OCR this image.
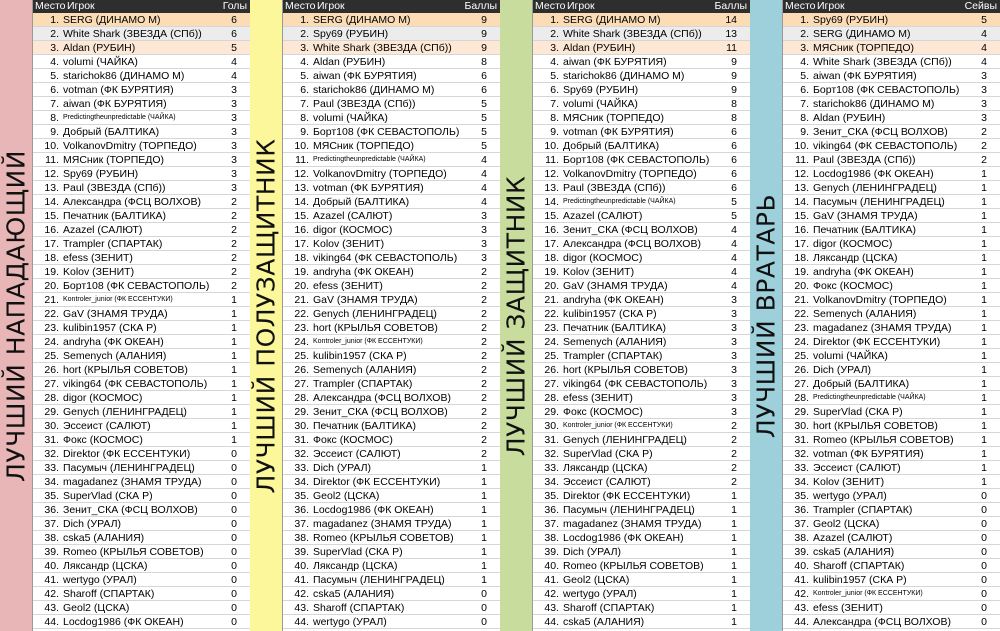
ЛУЧШИЙ НАПАДАЮЩИЙ
Место Игрок	Голы
1. SERG (ДИНАМО М)	6
2. White Shark (ЗВЕЗДА (СПб))	6
3. Aldan (РУБИН)	5
4. volumi (ЧАЙКА)	4
5. starichok86 (ДИНАМО М)	4
6. votman (ФК БУРЯТИЯ)	3
7. aiwan (ФК БУРЯТИЯ)	3
8. Predictingtheunpredictable (ЧАЙКА)	3
9. Добрый (БАЛТИКА)	3
10. VolkanovDmitry (ТОРПЕДО)	3
11. МЯСник (ТОРПЕДО)	3
12. Spy69 (РУБИН)	3
13. Paul (ЗВЕЗДА (СПб))	3
14. Александра (ФСЦ ВОЛХОВ)	2
15. Печатник (БАЛТИКА)	2
16. Azazel (САЛЮТ)	2
17. Trampler (СПАРТАК)	2
18. efess (ЗЕНИТ)	2
19. Kolov (ЗЕНИТ)	2
20. Борт108 (ФК СЕВАСТОПОЛЬ)	2
21. Kontroler_junior (ФК ЕССЕНТУКИ)	1
22. GaV (ЗНАМЯ ТРУДА)	1
23. kulibin1957 (СКА Р)	1
24. andryha (ФК ОКЕАН)	1
25. Semenych (АЛАНИЯ)	1
26. hort (КРЫЛЬЯ СОВЕТОВ)	1
27. viking64 (ФК СЕВАСТОПОЛЬ)	1
28. digor (КОСМОС)	1
29. Genych (ЛЕНИНГРАДЕЦ)	1
30. Эссеист (САЛЮТ)	1
31. Фокс (КОСМОС)	1
32. Direktor (ФК ЕССЕНТУКИ)	0
33. Пасумыч (ЛЕНИНГРАДЕЦ)	0
34. magadanez (ЗНАМЯ ТРУДА)	0
35. SuperVlad (СКА Р)	0
36. Зенит_СКА (ФСЦ ВОЛХОВ)	0
37. Dich (УРАЛ)	0
38. cska5 (АЛАНИЯ)	0
39. Romeo (КРЫЛЬЯ СОВЕТОВ)	0
40. Ляксандр (ЦСКА)	0
41. wertygo (УРАЛ)	0
42. Sharoff (СПАРТАК)	0
43. Geol2 (ЦСКА)	0
44. Locdog1986 (ФК ОКЕАН)	0
ЛУЧШИЙ ПОЛУЗАЩИТНИК
Место Игрок	Баллы
1. SERG (ДИНАМО М)	9
2. Spy69 (РУБИН)	9
3. White Shark (ЗВЕЗДА (СПб))	9
4. Aldan (РУБИН)	8
5. aiwan (ФК БУРЯТИЯ)	6
6. starichok86 (ДИНАМО М)	6
7. Paul (ЗВЕЗДА (СПб))	5
8. volumi (ЧАЙКА)	5
9. Борт108 (ФК СЕВАСТОПОЛЬ)	5
10. МЯСник (ТОРПЕДО)	5
11. Predictingtheunpredictable (ЧАЙКА)	4
12. VolkanovDmitry (ТОРПЕДО)	4
13. votman (ФК БУРЯТИЯ)	4
14. Добрый (БАЛТИКА)	4
15. Azazel (САЛЮТ)	3
16. digor (КОСМОС)	3
17. Kolov (ЗЕНИТ)	3
18. viking64 (ФК СЕВАСТОПОЛЬ)	3
19. andryha (ФК ОКЕАН)	2
20. efess (ЗЕНИТ)	2
21. GaV (ЗНАМЯ ТРУДА)	2
22. Genych (ЛЕНИНГРАДЕЦ)	2
23. hort (КРЫЛЬЯ СОВЕТОВ)	2
24. Kontroler_junior (ФК ЕССЕНТУКИ)	2
25. kulibin1957 (СКА Р)	2
26. Semenych (АЛАНИЯ)	2
27. Trampler (СПАРТАК)	2
28. Александра (ФСЦ ВОЛХОВ)	2
29. Зенит_СКА (ФСЦ ВОЛХОВ)	2
30. Печатник (БАЛТИКА)	2
31. Фокс (КОСМОС)	2
32. Эссеист (САЛЮТ)	2
33. Dich (УРАЛ)	1
34. Direktor (ФК ЕССЕНТУКИ)	1
35. Geol2 (ЦСКА)	1
36. Locdog1986 (ФК ОКЕАН)	1
37. magadanez (ЗНАМЯ ТРУДА)	1
38. Romeo (КРЫЛЬЯ СОВЕТОВ)	1
39. SuperVlad (СКА Р)	1
40. Ляксандр (ЦСКА)	1
41. Пасумыч (ЛЕНИНГРАДЕЦ)	1
42. cska5 (АЛАНИЯ)	0
43. Sharoff (СПАРТАК)	0
44. wertygo (УРАЛ)	0
ЛУЧШИЙ ЗАЩИТНИК
Место Игрок	Баллы
1. SERG (ДИНАМО М)	14
2. White Shark (ЗВЕЗДА (СПб))	13
3. Aldan (РУБИН)	11
4. aiwan (ФК БУРЯТИЯ)	9
5. starichok86 (ДИНАМО М)	9
6. Spy69 (РУБИН)	9
7. volumi (ЧАЙКА)	8
8. МЯСник (ТОРПЕДО)	8
9. votman (ФК БУРЯТИЯ)	6
10. Добрый (БАЛТИКА)	6
11. Борт108 (ФК СЕВАСТОПОЛЬ)	6
12. VolkanovDmitry (ТОРПЕДО)	6
13. Paul (ЗВЕЗДА (СПб))	6
14. Predictingtheunpredictable (ЧАЙКА)	5
15. Azazel (САЛЮТ)	5
16. Зенит_СКА (ФСЦ ВОЛХОВ)	4
17. Александра (ФСЦ ВОЛХОВ)	4
18. digor (КОСМОС)	4
19. Kolov (ЗЕНИТ)	4
20. GaV (ЗНАМЯ ТРУДА)	4
21. andryha (ФК ОКЕАН)	3
22. kulibin1957 (СКА Р)	3
23. Печатник (БАЛТИКА)	3
24. Semenych (АЛАНИЯ)	3
25. Trampler (СПАРТАК)	3
26. hort (КРЫЛЬЯ СОВЕТОВ)	3
27. viking64 (ФК СЕВАСТОПОЛЬ)	3
28. efess (ЗЕНИТ)	3
29. Фокс (КОСМОС)	3
30. Kontroler_junior (ФК ЕССЕНТУКИ)	2
31. Genych (ЛЕНИНГРАДЕЦ)	2
32. SuperVlad (СКА Р)	2
33. Ляксандр (ЦСКА)	2
34. Эссеист (САЛЮТ)	2
35. Direktor (ФК ЕССЕНТУКИ)	1
36. Пасумыч (ЛЕНИНГРАДЕЦ)	1
37. magadanez (ЗНАМЯ ТРУДА)	1
38. Locdog1986 (ФК ОКЕАН)	1
39. Dich (УРАЛ)	1
40. Romeo (КРЫЛЬЯ СОВЕТОВ)	1
41. Geol2 (ЦСКА)	1
42. wertygo (УРАЛ)	1
43. Sharoff (СПАРТАК)	1
44. cska5 (АЛАНИЯ)	1
ЛУЧШИЙ ВРАТАРЬ
Место Игрок	Сейвы
1. Spy69 (РУБИН)	5
2. SERG (ДИНАМО М)	4
3. МЯСник (ТОРПЕДО)	4
4. White Shark (ЗВЕЗДА (СПб))	4
5. aiwan (ФК БУРЯТИЯ)	3
6. Борт108 (ФК СЕВАСТОПОЛЬ)	3
7. starichok86 (ДИНАМО М)	3
8. Aldan (РУБИН)	3
9. Зенит_СКА (ФСЦ ВОЛХОВ)	2
10. viking64 (ФК СЕВАСТОПОЛЬ)	2
11. Paul (ЗВЕЗДА (СПб))	2
12. Locdog1986 (ФК ОКЕАН)	1
13. Genych (ЛЕНИНГРАДЕЦ)	1
14. Пасумыч (ЛЕНИНГРАДЕЦ)	1
15. GaV (ЗНАМЯ ТРУДА)	1
16. Печатник (БАЛТИКА)	1
17. digor (КОСМОС)	1
18. Ляксандр (ЦСКА)	1
19. andryha (ФК ОКЕАН)	1
20. Фокс (КОСМОС)	1
21. VolkanovDmitry (ТОРПЕДО)	1
22. Semenych (АЛАНИЯ)	1
23. magadanez (ЗНАМЯ ТРУДА)	1
24. Direktor (ФК ЕССЕНТУКИ)	1
25. volumi (ЧАЙКА)	1
26. Dich (УРАЛ)	1
27. Добрый (БАЛТИКА)	1
28. Predictingtheunpredictable (ЧАЙКА)	1
29. SuperVlad (СКА Р)	1
30. hort (КРЫЛЬЯ СОВЕТОВ)	1
31. Romeo (КРЫЛЬЯ СОВЕТОВ)	1
32. votman (ФК БУРЯТИЯ)	1
33. Эссеист (САЛЮТ)	1
34. Kolov (ЗЕНИТ)	1
35. wertygo (УРАЛ)	0
36. Trampler (СПАРТАК)	0
37. Geol2 (ЦСКА)	0
38. Azazel (САЛЮТ)	0
39. cska5 (АЛАНИЯ)	0
40. Sharoff (СПАРТАК)	0
41. kulibin1957 (СКА Р)	0
42. Kontroler_junior (ФК ЕССЕНТУКИ)	0
43. efess (ЗЕНИТ)	0
44. Александра (ФСЦ ВОЛХОВ)	0
